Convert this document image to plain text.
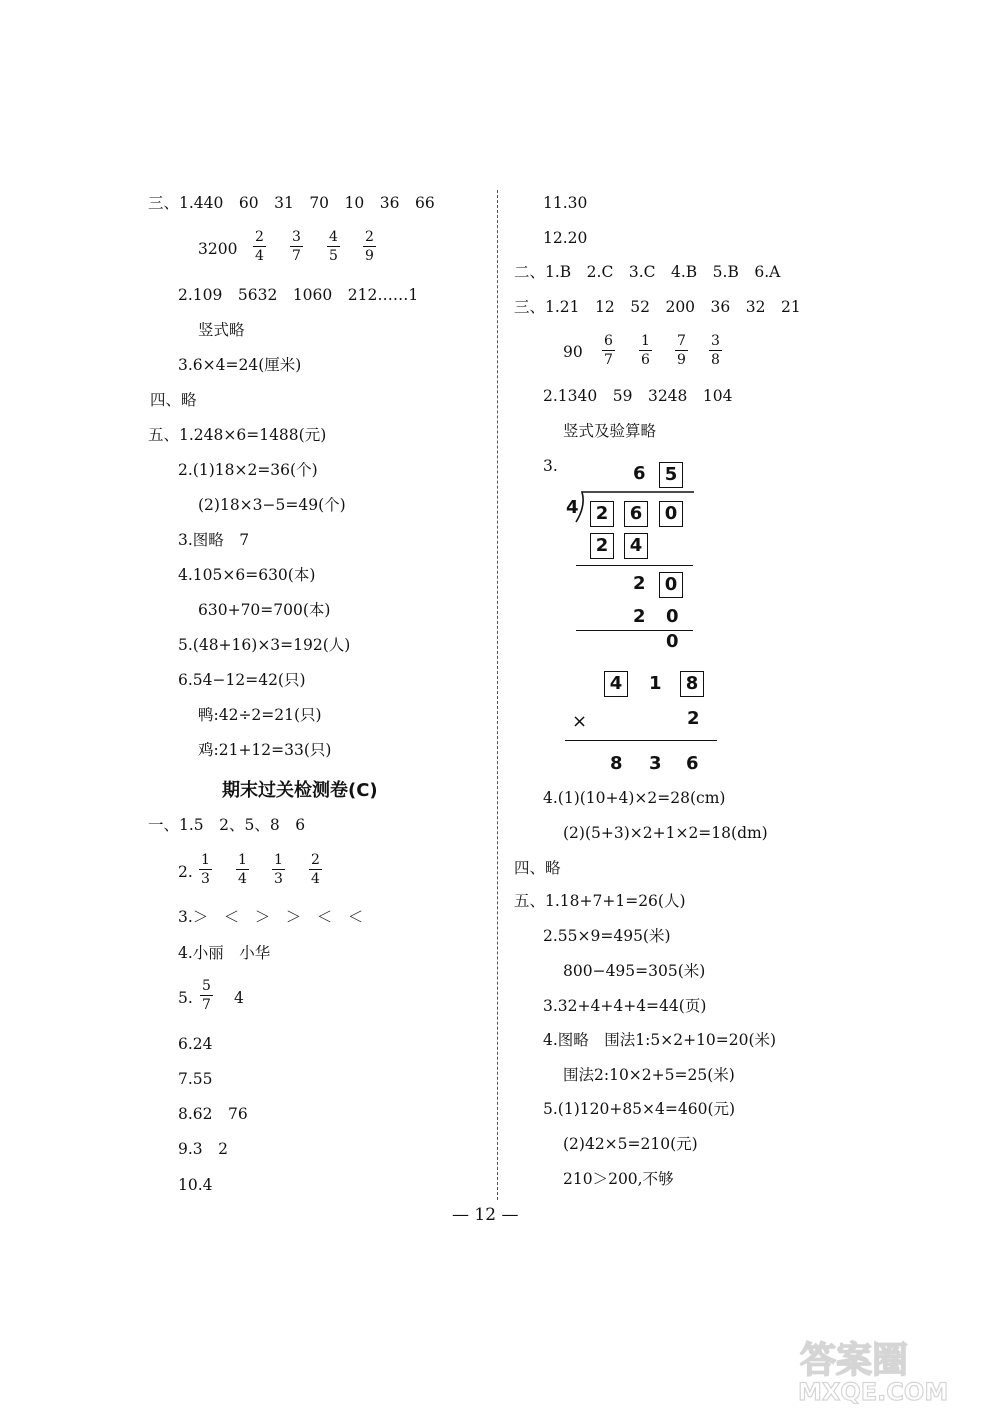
三、1.440　60　31　70　10　36　66
3200
2
4
3
7
4
5
2
9
2.109　5632　1060　212……1
竖式略
3.6×4=24(厘米)
四、略
五、1.248×6=1488(元)
2.(1)18×2=36(个)
(2)18×3−5=49(个)
3.图略　7
4.105×6=630(本)
630+70=700(本)
5.(48+16)×3=192(人)
6.54−12=42(只)
鸭:42÷2=21(只)
鸡:21+12=33(只)
期末过关检测卷(C)
一、1.5　2、5、8　6
2.
1
3
1
4
1
3
2
4
3.＞　＜　＞　＞　＜　＜
4.小丽　小华
5.
5
7 4
6.24
7.55
8.62　76
9.3　2
10.4
11.30
12.20
二、1.B　2.C　3.C　4.B　5.B　6.A
三、1.21　12　52　200　36　32　21
90
6
7
1
6
7
9
3
8
2.1340　59　3248　104
竖式及验算略
3.	6	5
4 2	6	0
2	4
2	0
2 0
0
4	1	8
×	2
8 3 6
4.(1)(10+4)×2=28(cm)
(2)(5+3)×2+1×2=18(dm)
四、略
五、1.18+7+1=26(人)
2.55×9=495(米)
800−495=305(米)
3.32+4+4+4=44(页)
4.图略　围法1:5×2+10=20(米)
围法2:10×2+5=25(米)
5.(1)120+85×4=460(元)
(2)42×5=210(元)
210＞200,不够
— 12 —
答案圈
MXQE.COM
